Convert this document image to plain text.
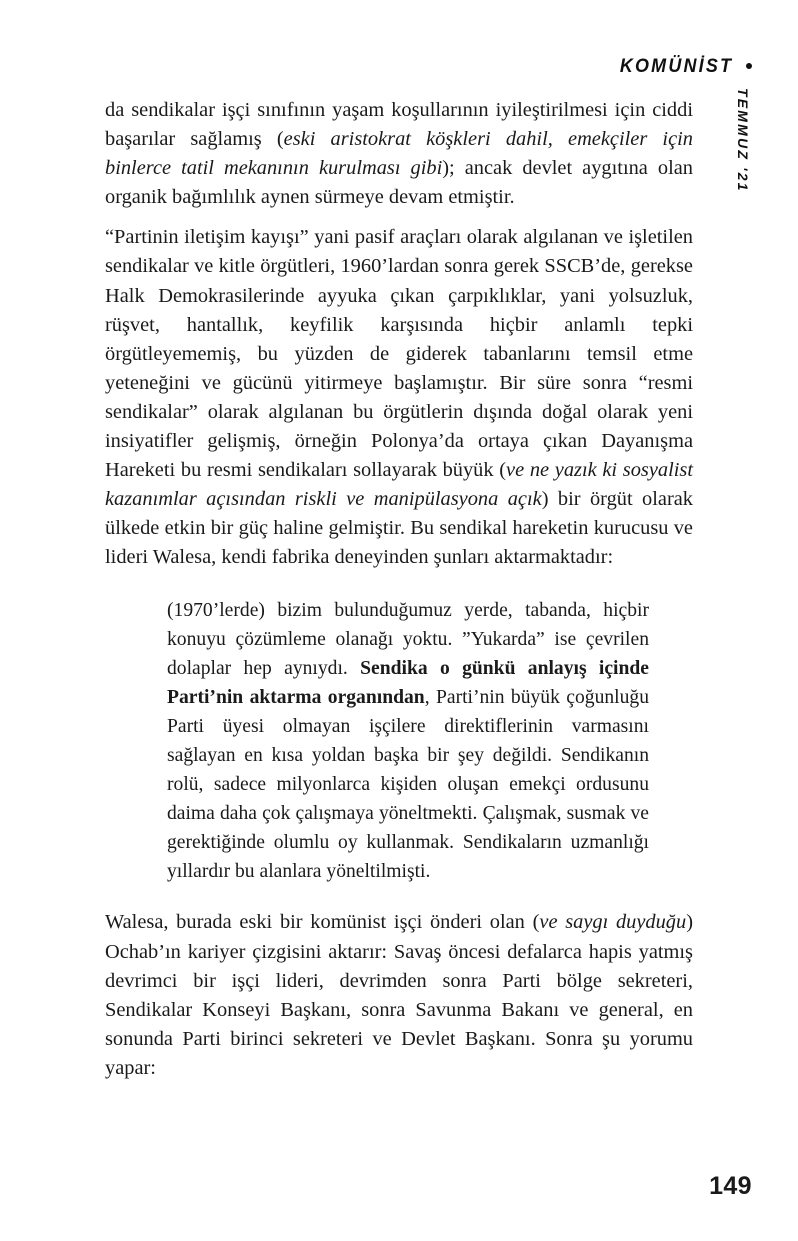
KOMÜNİST
TEMMUZ '21

da sendikalar işçi sınıfının yaşam koşullarının iyileştirilmesi için ciddi başarılar sağlamış (eski aristokrat köşkleri dahil, emekçiler için binlerce tatil mekanının kurulması gibi); ancak devlet aygıtına olan organik bağımlılık aynen sürmeye devam etmiştir.

“Partinin iletişim kayışı” yani pasif araçları olarak algılanan ve işletilen sendikalar ve kitle örgütleri, 1960’lardan sonra gerek SSCB’de, gerekse Halk Demokrasilerinde ayyuka çıkan çarpıklıklar, yani yolsuzluk, rüşvet, hantallık, keyfilik karşısında hiçbir anlamlı tepki örgütleyememiş, bu yüzden de giderek tabanlarını temsil etme yeteneğini ve gücünü yitirmeye başlamıştır. Bir süre sonra “resmi sendikalar” olarak algılanan bu örgütlerin dışında doğal olarak yeni insiyatifler gelişmiş, örneğin Polonya’da ortaya çıkan Dayanışma Hareketi bu resmi sendikaları sollayarak büyük (ve ne yazık ki sosyalist kazanımlar açısından riskli ve manipülasyona açık) bir örgüt olarak ülkede etkin bir güç haline gelmiştir. Bu sendikal hareketin kurucusu ve lideri Walesa, kendi fabrika deneyinden şunları aktarmaktadır:

(1970’lerde) bizim bulunduğumuz yerde, tabanda, hiçbir konuyu çözümleme olanağı yoktu. ”Yukarda” ise çevrilen dolaplar hep aynıydı. Sendika o günkü anlayış içinde Parti’nin aktarma organından, Parti’nin büyük çoğunluğu Parti üyesi olmayan işçilere direktiflerinin varmasını sağlayan en kısa yoldan başka bir şey değildi. Sendikanın rolü, sadece milyonlarca kişiden oluşan emekçi ordusunu daima daha çok çalışmaya yöneltmekti. Çalışmak, susmak ve gerektiğinde olumlu oy kullanmak. Sendikaların uzmanlığı yıllardır bu alanlara yöneltilmişti.

Walesa, burada eski bir komünist işçi önderi olan (ve saygı duyduğu) Ochab’ın kariyer çizgisini aktarır: Savaş öncesi defalarca hapis yatmış devrimci bir işçi lideri, devrimden sonra Parti bölge sekreteri, Sendikalar Konseyi Başkanı, sonra Savunma Bakanı ve general, en sonunda Parti birinci sekreteri ve Devlet Başkanı. Sonra şu yorumu yapar:

149
